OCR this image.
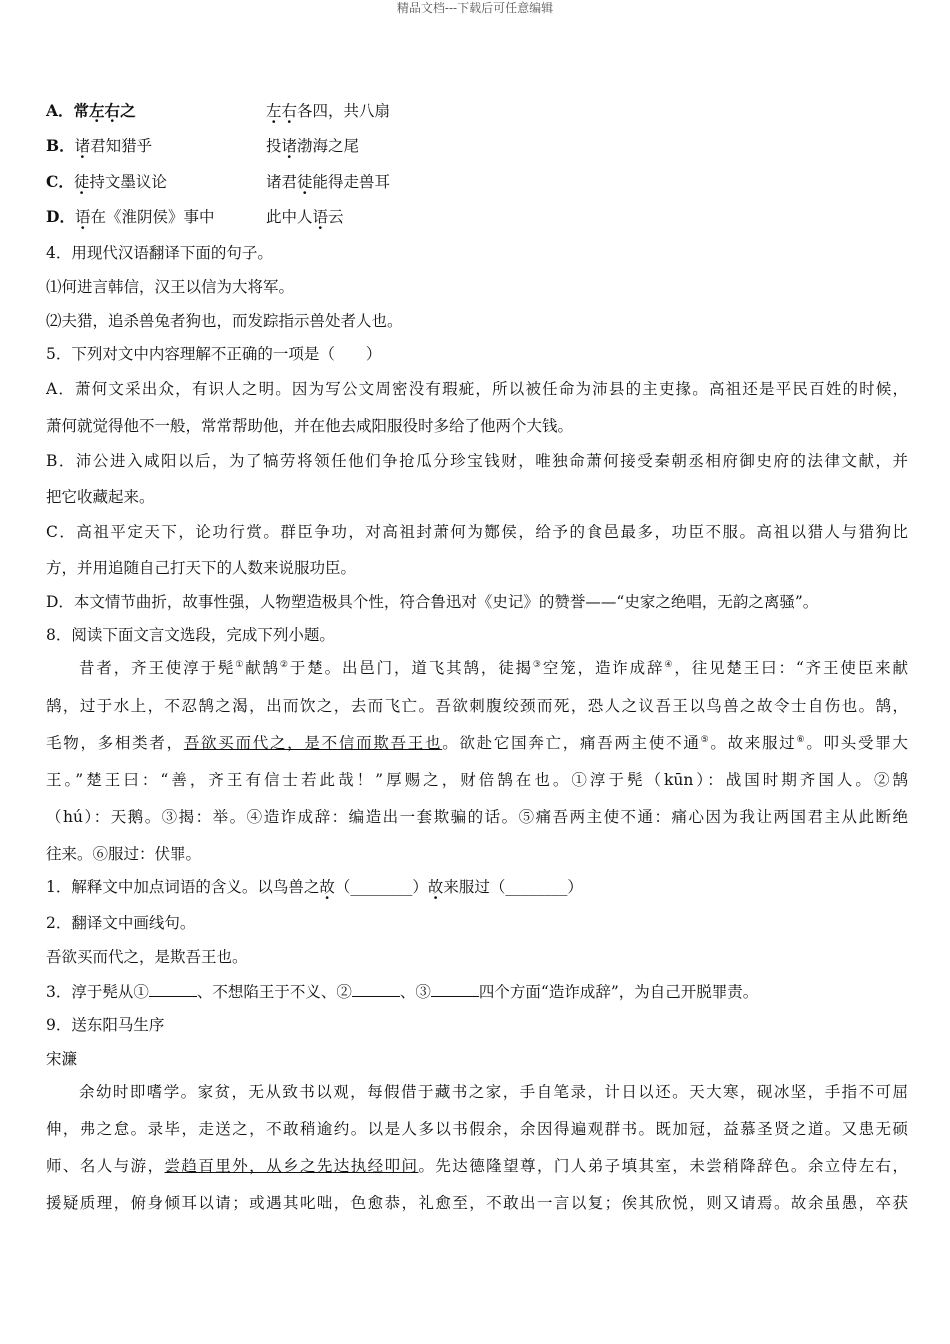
精品文档---下载后可任意编辑
A．常左右之	左右各四，共八扇
B．诸君知猎乎	投诸渤海之尾
C．徒持文墨议论	诸君徒能得走兽耳
D．语在《淮阴侯》事中	此中人语云
4．用现代汉语翻译下面的句子。
⑴何进言韩信，汉王以信为大将军。
⑵夫猎，追杀兽兔者狗也，而发踪指示兽处者人也。
5．下列对文中内容理解不正确的一项是（　　）
A．萧何文采出众，有识人之明。因为写公文周密没有瑕疵，所以被任命为沛县的主吏掾。高祖还是平民百姓的时候，
萧何就觉得他不一般，常常帮助他，并在他去咸阳服役时多给了他两个大钱。
B．沛公进入咸阳以后，为了犒劳将领任他们争抢瓜分珍宝钱财，唯独命萧何接受秦朝丞相府御史府的法律文献，并
把它收藏起来。
C．高祖平定天下，论功行赏。群臣争功，对高祖封萧何为酂侯，给予的食邑最多，功臣不服。高祖以猎人与猎狗比
方，并用追随自己打天下的人数来说服功臣。
D．本文情节曲折，故事性强，人物塑造极具个性，符合鲁迅对《史记》的赞誉——“史家之绝唱，无韵之离骚”。
8．阅读下面文言文选段，完成下列小题。
昔者，齐王使淳于髡①献鹄②于楚。出邑门，道飞其鹄，徒揭③空笼，造诈成辞④，往见楚王曰：“齐王使臣来献
鹄，过于水上，不忍鹄之渴，出而饮之，去而飞亡。吾欲刺腹绞颈而死，恐人之议吾王以鸟兽之故令士自伤也。鹄，
毛物，多相类者，吾欲买而代之，是不信而欺吾王也。欲赴它国奔亡，痛吾两主使不通⑤。故来服过⑥。叩头受罪大
王。”楚王曰：“善，齐王有信士若此哉！”厚赐之，财倍鹄在也。①淳于髡（kūn）：战国时期齐国人。②鹄
（hú）：天鹅。③揭：举。④造诈成辞：编造出一套欺骗的话。⑤痛吾两主使不通：痛心因为我让两国君主从此断绝
往来。⑥服过：伏罪。
1．解释文中加点词语的含义。以鸟兽之故（________）故来服过（________）
2．翻译文中画线句。
吾欲买而代之，是欺吾王也。
3．淳于髡从①	、不想陷王于不义、②	、③	四个方面“造诈成辞”，为自己开脱罪责。
9．送东阳马生序
宋濂
余幼时即嗜学。家贫，无从致书以观，每假借于藏书之家，手自笔录，计日以还。天大寒，砚冰坚，手指不可屈
伸，弗之怠。录毕，走送之，不敢稍逾约。以是人多以书假余，余因得遍观群书。既加冠，益慕圣贤之道。又患无硕
师、名人与游，尝趋百里外，从乡之先达执经叩问。先达德隆望尊，门人弟子填其室，未尝稍降辞色。余立侍左右，
援疑质理，俯身倾耳以请；或遇其叱咄，色愈恭，礼愈至，不敢出一言以复；俟其欣悦，则又请焉。故余虽愚，卒获
